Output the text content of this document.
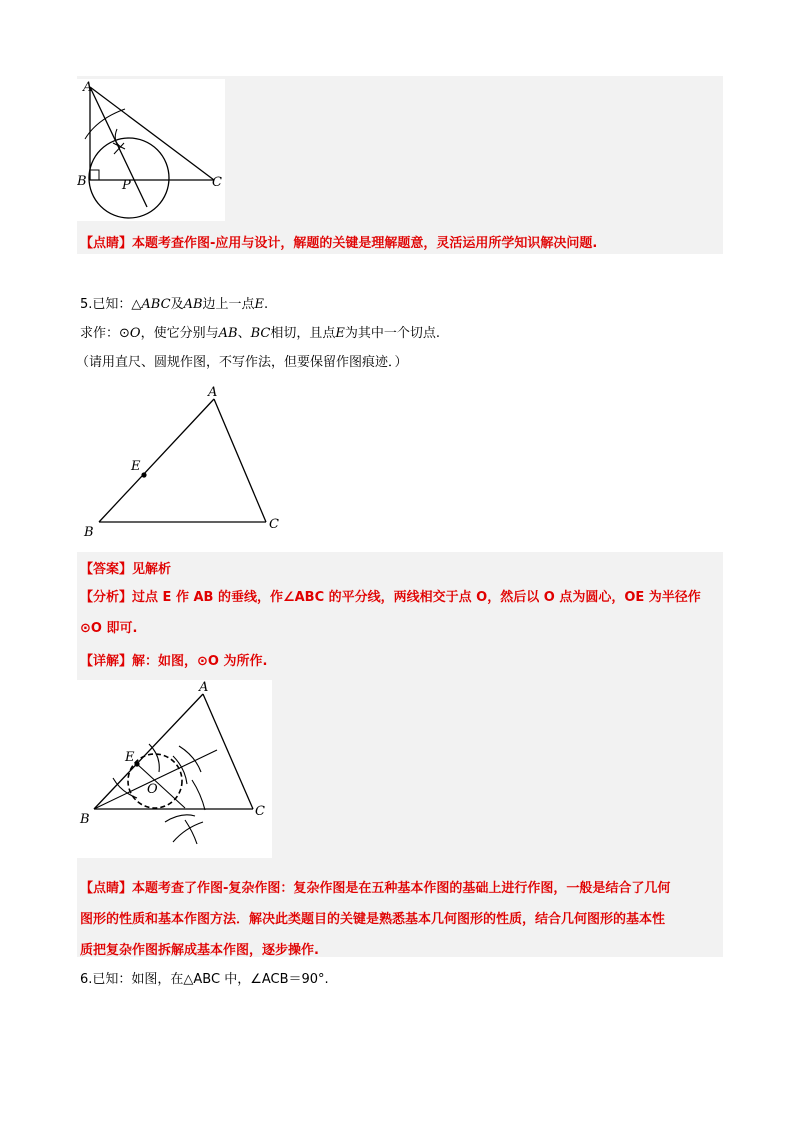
A
B	P	C
【点睛】本题考查作图-应用与设计，解题的关键是理解题意，灵活运用所学知识解决问题.
5.已知：△ABC及AB边上一点E.
求作：⊙O，使它分别与AB、BC相切，且点E为其中一个切点.
（请用直尺、圆规作图，不写作法，但要保留作图痕迹．）
A
E
B
C
【答案】见解析
【分析】过点 E 作 AB 的垂线，作∠ABC 的平分线，两线相交于点 O，然后以 O 点为圆心，OE 为半径作
⊙O 即可.
【详解】解：如图，⊙O 为所作.
A
E
O
B
C
【点睛】本题考查了作图-复杂作图：复杂作图是在五种基本作图的基础上进行作图，一般是结合了几何
图形的性质和基本作图方法．解决此类题目的关键是熟悉基本几何图形的性质，结合几何图形的基本性
质把复杂作图拆解成基本作图，逐步操作.
6.已知：如图，在△ABC 中，∠ACB＝90°.
